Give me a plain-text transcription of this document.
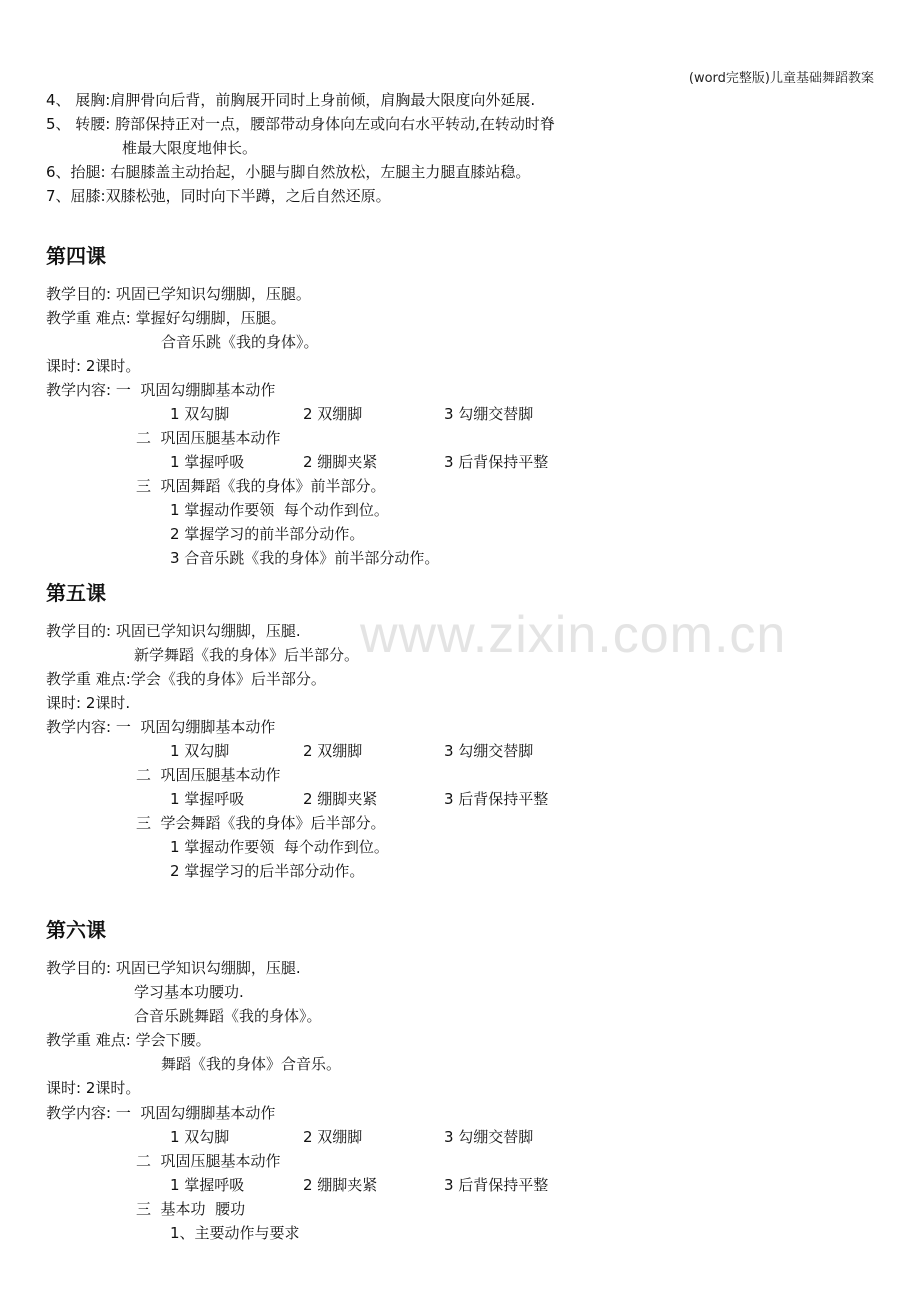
(word完整版)儿童基础舞蹈教案
www.zixin.com.cn
4、 展胸:肩胛骨向后背，前胸展开同时上身前倾，肩胸最大限度向外延展.
5、 转腰: 胯部保持正对一点，腰部带动身体向左或向右水平转动,在转动时脊
椎最大限度地伸长。
6、抬腿: 右腿膝盖主动抬起，小腿与脚自然放松，左腿主力腿直膝站稳。
7、屈膝:双膝松弛，同时向下半蹲，之后自然还原。
第四课
教学目的: 巩固已学知识勾绷脚，压腿。
教学重 难点: 掌握好勾绷脚，压腿。
合音乐跳《我的身体》。
课时: 2课时。
教学内容: 一  巩固勾绷脚基本动作
1 双勾脚	2 双绷脚	3 勾绷交替脚
二  巩固压腿基本动作
1 掌握呼吸	2 绷脚夹紧	3 后背保持平整
三  巩固舞蹈《我的身体》前半部分。
1 掌握动作要领  每个动作到位。
2 掌握学习的前半部分动作。
3 合音乐跳《我的身体》前半部分动作。
第五课
教学目的: 巩固已学知识勾绷脚，压腿.
新学舞蹈《我的身体》后半部分。
教学重 难点:学会《我的身体》后半部分。
课时: 2课时.
教学内容: 一  巩固勾绷脚基本动作
1 双勾脚	2 双绷脚	3 勾绷交替脚
二  巩固压腿基本动作
1 掌握呼吸	2 绷脚夹紧	3 后背保持平整
三  学会舞蹈《我的身体》后半部分。
1 掌握动作要领  每个动作到位。
2 掌握学习的后半部分动作。
第六课
教学目的: 巩固已学知识勾绷脚，压腿.
学习基本功腰功.
合音乐跳舞蹈《我的身体》。
教学重 难点: 学会下腰。
舞蹈《我的身体》合音乐。
课时: 2课时。
教学内容: 一  巩固勾绷脚基本动作
1 双勾脚	2 双绷脚	3 勾绷交替脚
二  巩固压腿基本动作
1 掌握呼吸	2 绷脚夹紧	3 后背保持平整
三  基本功  腰功
1、主要动作与要求
